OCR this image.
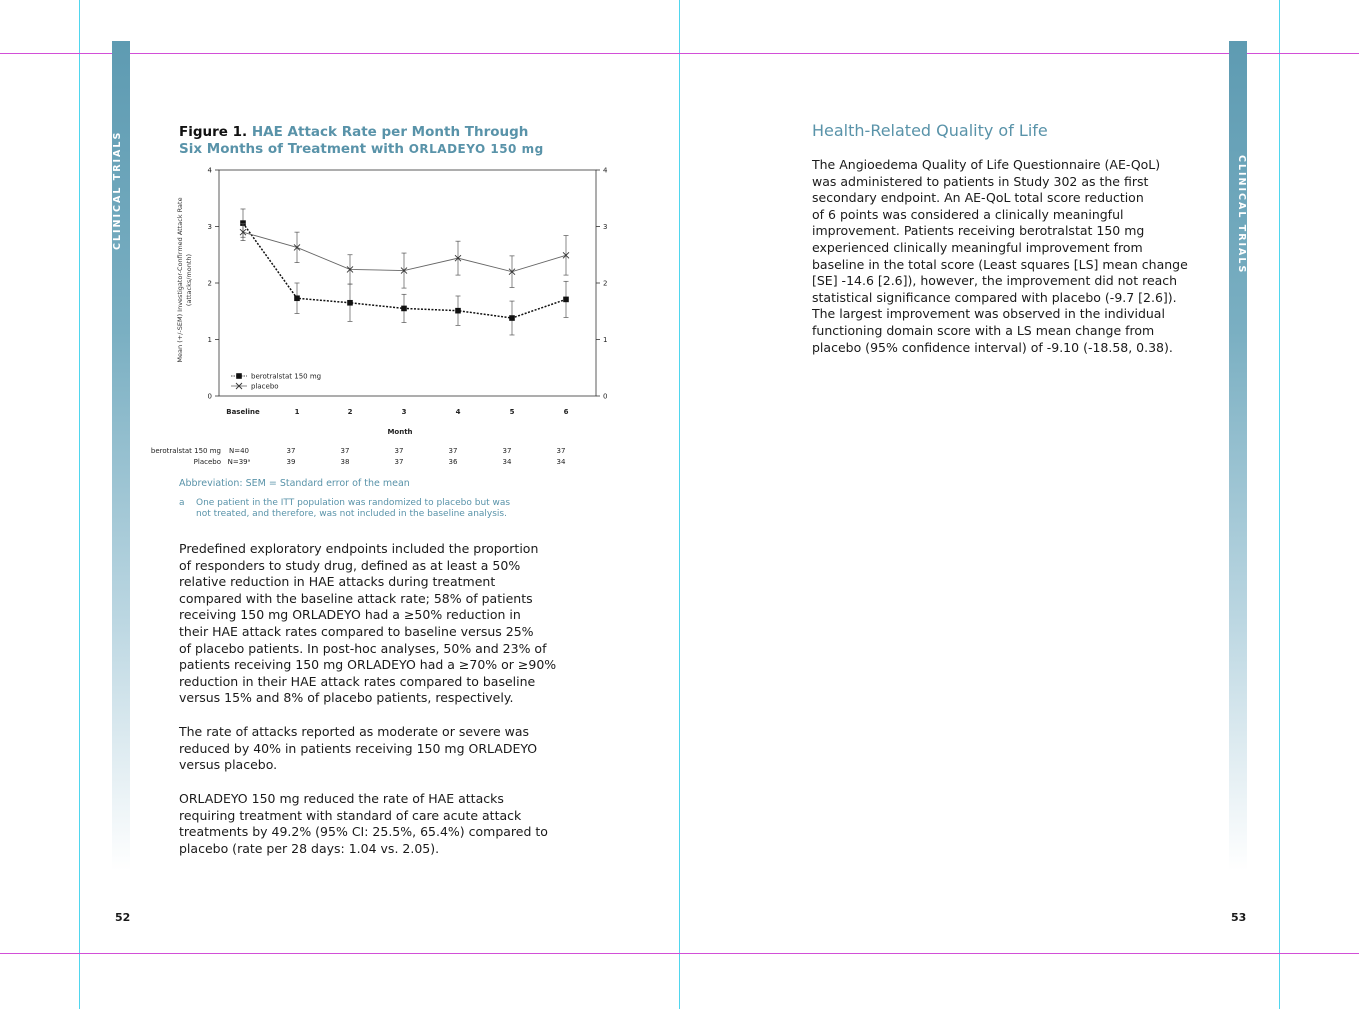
CLINICAL TRIALS	CLINICAL TRIALS
52	53
Figure 1. HAE Attack Rate per Month Through
Six Months of Treatment with ORLADEYO 150 mg
Mean (+/-SEM) Investigator-Confirmed Attack Rate (attacks/month)
0	0
1	1
2	2
3	3
4	4
Baseline	1	2	3	4	5	6
berotralstat 150 mg
placebo
berotralstat 150 mg N=40	37	37	37	37	37	37
Placebo N=39ᵃ	39	38	37	36	34	34
Month
Abbreviation: SEM = Standard error of the mean
a One patient in the ITT population was randomized to placebo but was
not treated, and therefore, was not included in the baseline analysis.
Predefined exploratory endpoints included the proportion
of responders to study drug, defined as at least a 50%
relative reduction in HAE attacks during treatment
compared with the baseline attack rate; 58% of patients
receiving 150 mg ORLADEYO had a ≥50% reduction in
their HAE attack rates compared to baseline versus 25%
of placebo patients. In post-hoc analyses, 50% and 23% of
patients receiving 150 mg ORLADEYO had a ≥70% or ≥90%
reduction in their HAE attack rates compared to baseline
versus 15% and 8% of placebo patients, respectively.
The rate of attacks reported as moderate or severe was
reduced by 40% in patients receiving 150 mg ORLADEYO
versus placebo.
ORLADEYO 150 mg reduced the rate of HAE attacks
requiring treatment with standard of care acute attack
treatments by 49.2% (95% CI: 25.5%, 65.4%) compared to
placebo (rate per 28 days: 1.04 vs. 2.05).
Health-Related Quality of Life
The Angioedema Quality of Life Questionnaire (AE-QoL)
was administered to patients in Study 302 as the first
secondary endpoint. An AE-QoL total score reduction
of 6 points was considered a clinically meaningful
improvement. Patients receiving berotralstat 150 mg
experienced clinically meaningful improvement from
baseline in the total score (Least squares [LS] mean change
[SE] -14.6 [2.6]), however, the improvement did not reach
statistical significance compared with placebo (-9.7 [2.6]).
The largest improvement was observed in the individual
functioning domain score with a LS mean change from
placebo (95% confidence interval) of -9.10 (-18.58, 0.38).
